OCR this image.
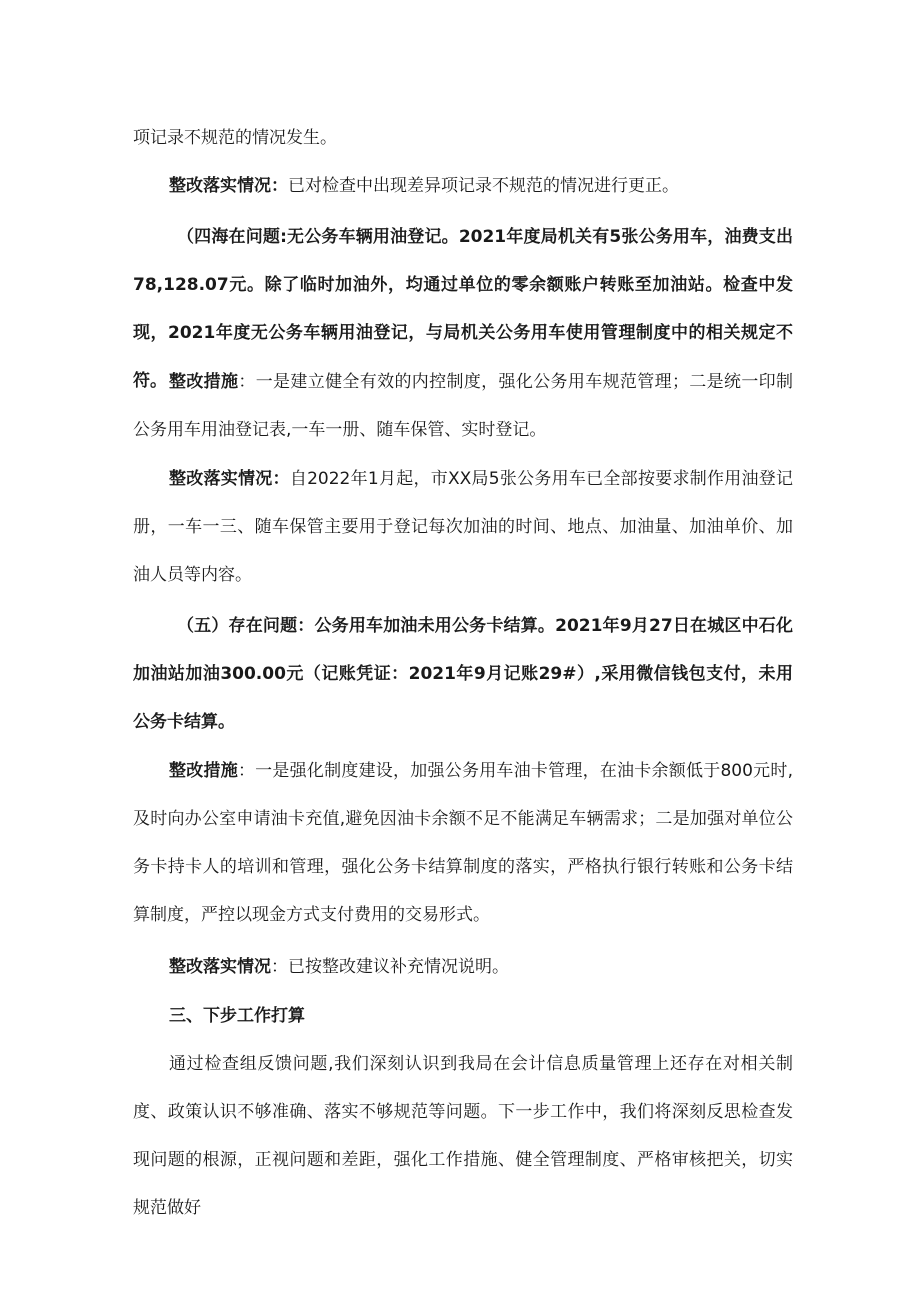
项记录不规范的情况发生。

整改落实情况：已对检查中出现差异项记录不规范的情况进行更正。

（四海在问题:无公务车辆用油登记。2021年度局机关有5张公务用车，油费支出78,128.07元。除了临时加油外，均通过单位的零余额账户转账至加油站。检查中发现，2021年度无公务车辆用油登记，与局机关公务用车使用管理制度中的相关规定不符。 整改措施：一是建立健全有效的内控制度，强化公务用车规范管理；二是统一印制公务用车用油登记表,一车一册、随车保管、实时登记。

整改落实情况：自2022年1月起，市XX局5张公务用车已全部按要求制作用油登记册，一车一三、随车保管主要用于登记每次加油的时间、地点、加油量、加油单价、加油人员等内容。

（五）存在问题：公务用车加油未用公务卡结算。2021年9月27日在城区中石化加油站加油300.00元（记账凭证：2021年9月记账29#）,采用微信钱包支付，未用公务卡结算。

整改措施：一是强化制度建设，加强公务用车油卡管理，在油卡余额低于800元时,及时向办公室申请油卡充值,避免因油卡余额不足不能满足车辆需求；二是加强对单位公务卡持卡人的培训和管理，强化公务卡结算制度的落实，严格执行银行转账和公务卡结算制度，严控以现金方式支付费用的交易形式。

整改落实情况：已按整改建议补充情况说明。

三、下步工作打算

通过检查组反馈问题,我们深刻认识到我局在会计信息质量管理上还存在对相关制度、政策认识不够准确、落实不够规范等问题。下一步工作中，我们将深刻反思检查发现问题的根源，正视问题和差距，强化工作措施、健全管理制度、严格审核把关，切实规范做好
